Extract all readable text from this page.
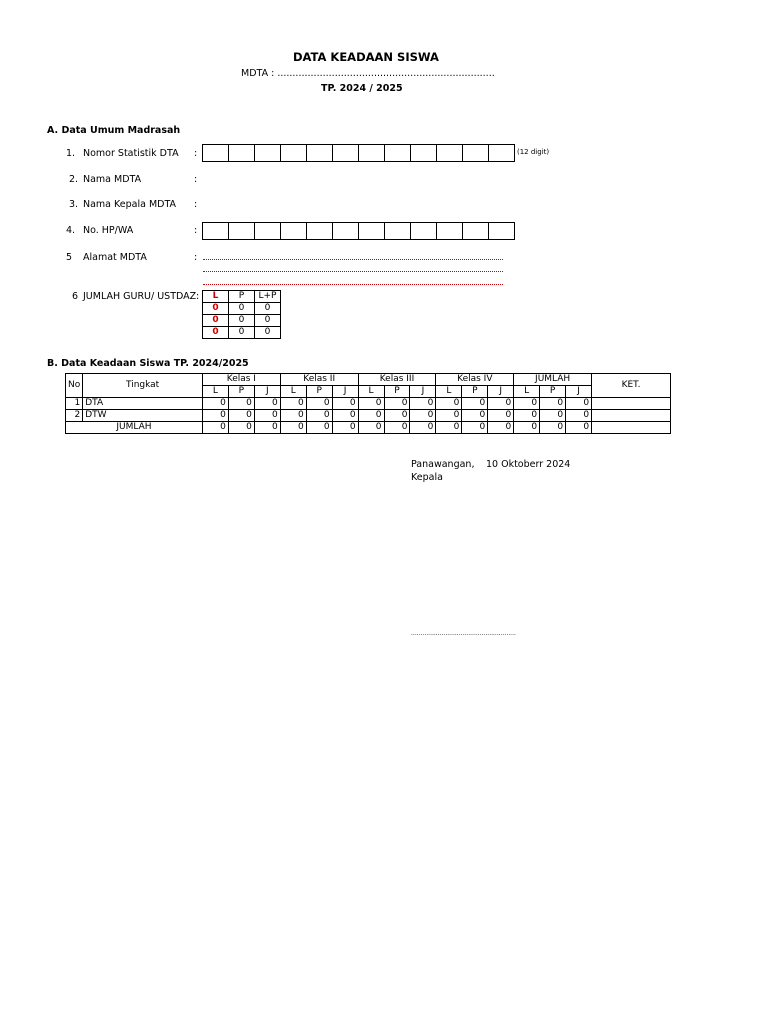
DATA KEADAAN SISWA
MDTA : ........................................................................
TP. 2024 / 2025
A. Data Umum Madrasah
1. Nomor Statistik DTA :	(12 digit)
2. Nama MDTA	:
3. Nama Kepala MDTA :
4. No. HP/WA	:
5 Alamat MDTA	:
6 JUMLAH GURU/ USTDAZ : L	P	L+P
0	0	0
0	0	0
0	0	0
B. Data Keadaan Siswa TP. 2024/2025
No	Tingkat	Kelas I			Kelas II			Kelas III			Kelas IV			JUMLAH			KET.
		L	P	J	L	P	J	L	P	J	L	P	J	L	P	J	
1	DTA	0	0	0	0	0	0	0	0	0	0	0	0	0	0	0	
2	DTW	0	0	0	0	0	0	0	0	0	0	0	0	0	0	0	
JUMLAH		0	0	0	0	0	0	0	0	0	0	0	0	0	0	0	
Panawangan, 10 Oktoberr 2024
Kepala
.......................................................
